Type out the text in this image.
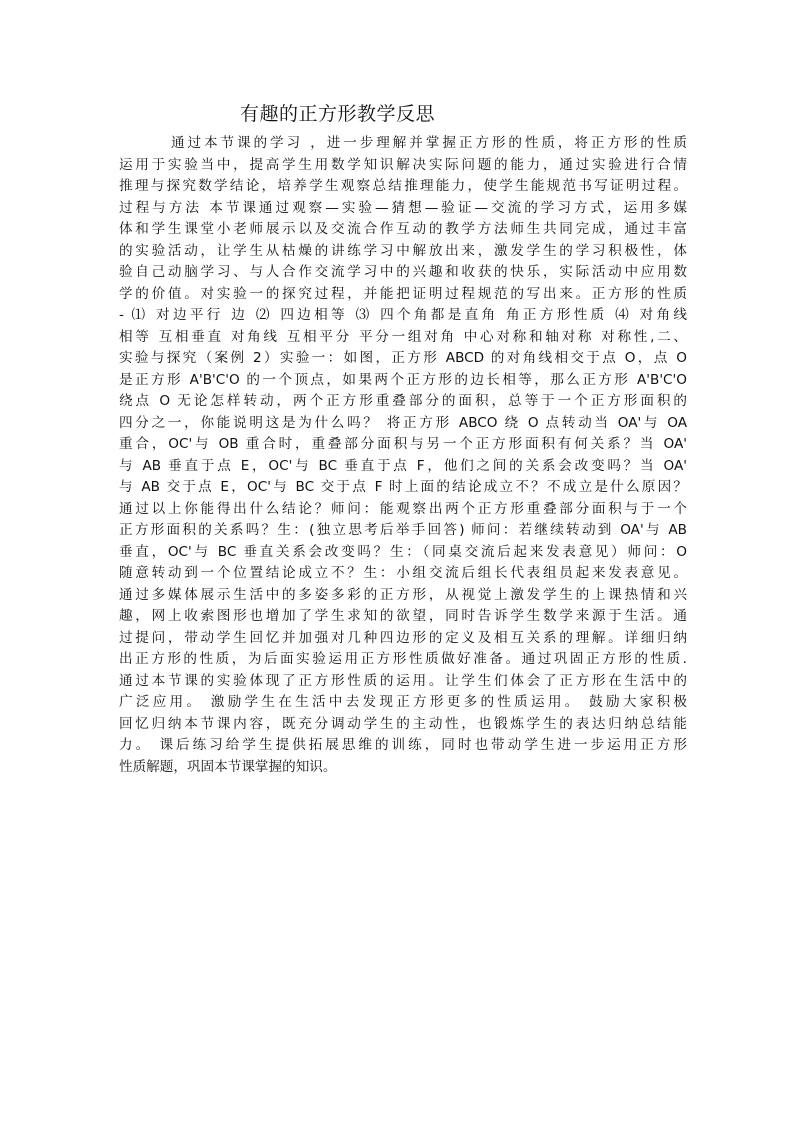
有趣的正方形教学反思
通过本节课的学习 ，进一步理解并掌握正方形的性质，将正方形的性质
运用于实验当中，提高学生用数学知识解决实际问题的能力，通过实验进行合情
推理与探究数学结论，培养学生观察总结推理能力，使学生能规范书写证明过程。
过程与方法 本节课通过观察—实验—猜想—验证—交流的学习方式，运用多媒
体和学生课堂小老师展示以及交流合作互动的教学方法师生共同完成，通过丰富
的实验活动，让学生从枯燥的讲练学习中解放出来，激发学生的学习积极性，体
验自己动脑学习、与人合作交流学习中的兴趣和收获的快乐，实际活动中应用数
学的价值。对实验一的探究过程，并能把证明过程规范的写出来。正方形的性质
- ⑴ 对边平行 边 ⑵ 四边相等 ⑶ 四个角都是直角 角正方形性质 ⑷ 对角线
相等 互相垂直 对角线 互相平分 平分一组对角 中心对称和轴对称 对称性,二、
实验与探究（案例 2）实验一：如图，正方形 ABCD 的对角线相交于点 O，点 O
是正方形 A'B'C'O 的一个顶点，如果两个正方形的边长相等，那么正方形 A'B'C'O
绕点 O 无论怎样转动，两个正方形重叠部分的面积，总等于一个正方形面积的
四分之一，你能说明这是为什么吗？ 将正方形 ABCO 绕 O 点转动当 OA'与 OA
重合，OC'与 OB 重合时，重叠部分面积与另一个正方形面积有何关系？当 OA'
与 AB 垂直于点 E，OC'与 BC 垂直于点 F，他们之间的关系会改变吗？当 OA'
与 AB 交于点 E，OC'与 BC 交于点 F 时上面的结论成立不？不成立是什么原因？
通过以上你能得出什么结论？师问：能观察出两个正方形重叠部分面积与于一个
正方形面积的关系吗？生：(独立思考后举手回答) 师问：若继续转动到 OA'与 AB
垂直，OC'与 BC 垂直关系会改变吗？生：（同桌交流后起来发表意见）师问：O
随意转动到一个位置结论成立不？生：小组交流后组长代表组员起来发表意见。
通过多媒体展示生活中的多姿多彩的正方形，从视觉上激发学生的上课热情和兴
趣，网上收索图形也增加了学生求知的欲望，同时告诉学生数学来源于生活。通
过提问，带动学生回忆并加强对几种四边形的定义及相互关系的理解。详细归纳
出正方形的性质，为后面实验运用正方形性质做好准备。通过巩固正方形的性质.
通过本节课的实验体现了正方形性质的运用。让学生们体会了正方形在生活中的
广泛应用。 激励学生在生活中去发现正方形更多的性质运用。 鼓励大家积极
回忆归纳本节课内容，既充分调动学生的主动性，也锻炼学生的表达归纳总结能
力。 课后练习给学生提供拓展思维的训练，同时也带动学生进一步运用正方形
性质解题，巩固本节课掌握的知识。
